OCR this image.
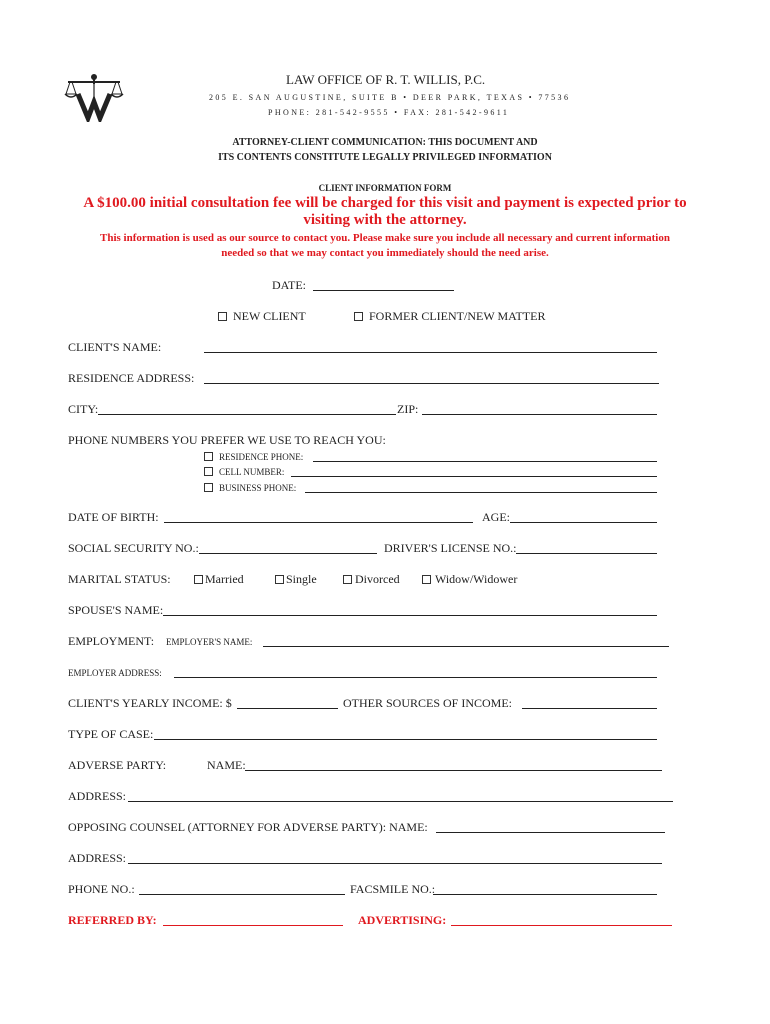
LAW OFFICE OF R. T. WILLIS, P.C.
205 E. SAN AUGUSTINE, SUITE B • DEER PARK, TEXAS • 77536
PHONE: 281-542-9555 • FAX: 281-542-9611
ATTORNEY-CLIENT COMMUNICATION: THIS DOCUMENT AND
ITS CONTENTS CONSTITUTE LEGALLY PRIVILEGED INFORMATION
CLIENT INFORMATION FORM
A $100.00 initial consultation fee will be charged for this visit and payment is expected prior to
visiting with the attorney.
This information is used as our source to contact you. Please make sure you include all necessary and current information
needed so that we may contact you immediately should the need arise.
DATE:
NEW CLIENT	FORMER CLIENT/NEW MATTER
CLIENT'S NAME:
RESIDENCE ADDRESS:
CITY:	ZIP:
PHONE NUMBERS YOU PREFER WE USE TO REACH YOU:
RESIDENCE PHONE:
CELL NUMBER:
BUSINESS PHONE:
DATE OF BIRTH:	AGE:
SOCIAL SECURITY NO.:	DRIVER'S LICENSE NO.:
MARITAL STATUS:	Married	Single	Divorced	Widow/Widower
SPOUSE'S NAME:
EMPLOYMENT: EMPLOYER'S NAME:
EMPLOYER ADDRESS:
CLIENT'S YEARLY INCOME: $	OTHER SOURCES OF INCOME:
TYPE OF CASE:
ADVERSE PARTY:	NAME:
ADDRESS:
OPPOSING COUNSEL (ATTORNEY FOR ADVERSE PARTY): NAME:
ADDRESS:
PHONE NO.:	FACSMILE NO.:
REFERRED BY:	ADVERTISING:
